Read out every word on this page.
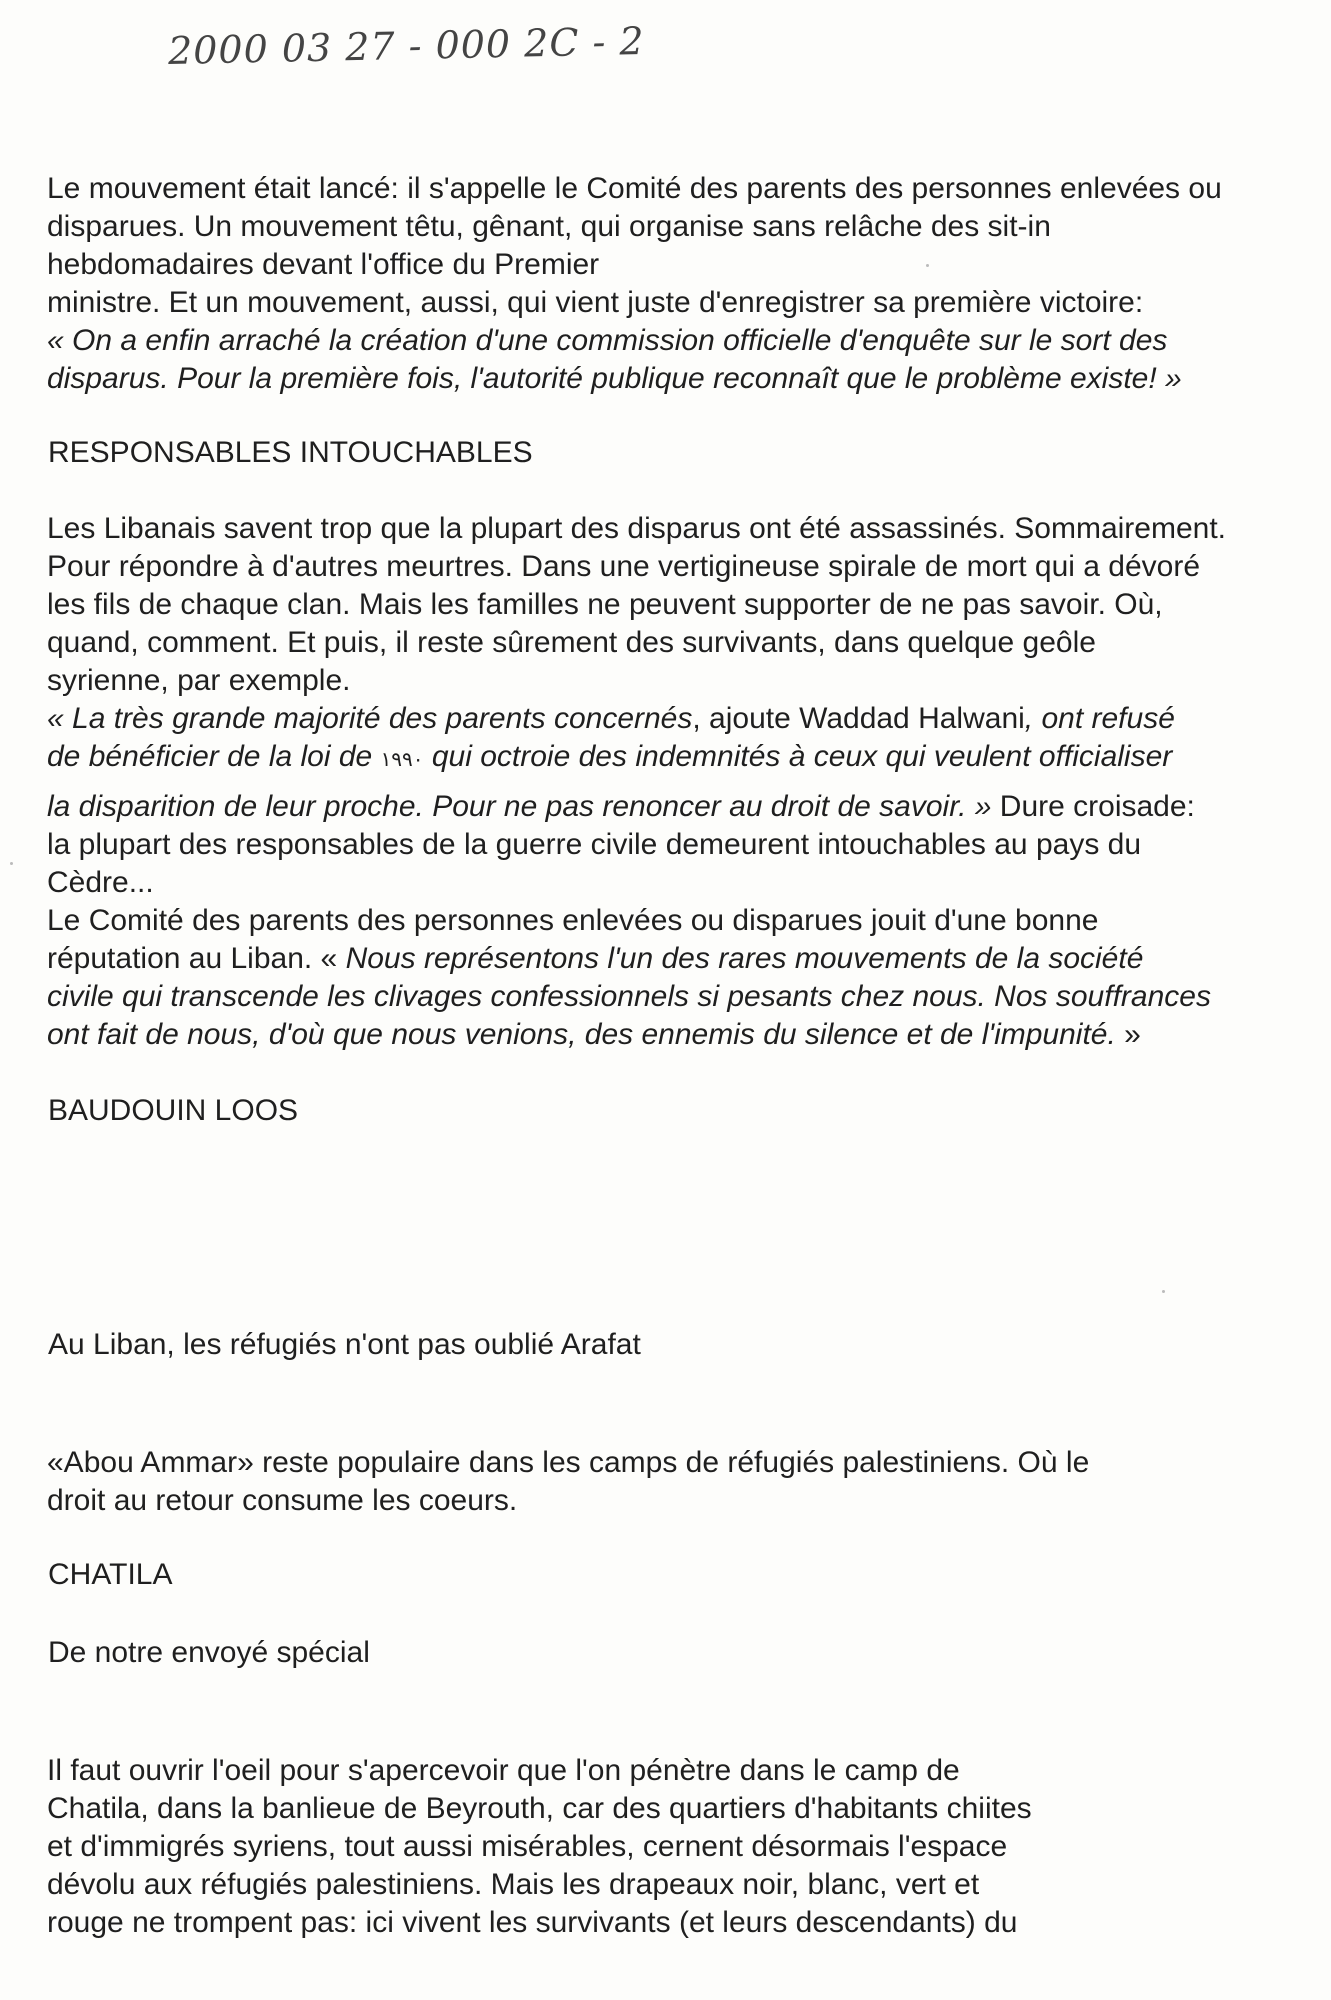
2000 03 27 - 000 2C - 2
Le mouvement était lancé: il s'appelle le Comité des parents des personnes enlevées ou
disparues. Un mouvement têtu, gênant, qui organise sans relâche des sit-in
hebdomadaires devant l'office du Premier
ministre. Et un mouvement, aussi, qui vient juste d'enregistrer sa première victoire:
« On a enfin arraché la création d'une commission officielle d'enquête sur le sort des
disparus. Pour la première fois, l'autorité publique reconnaît que le problème existe! »
RESPONSABLES INTOUCHABLES
Les Libanais savent trop que la plupart des disparus ont été assassinés. Sommairement.
Pour répondre à d'autres meurtres. Dans une vertigineuse spirale de mort qui a dévoré
les fils de chaque clan. Mais les familles ne peuvent supporter de ne pas savoir. Où,
quand, comment. Et puis, il reste sûrement des survivants, dans quelque geôle
syrienne, par exemple.
« La très grande majorité des parents concernés, ajoute Waddad Halwani, ont refusé
de bénéficier de la loi de ١٩٩٠ qui octroie des indemnités à ceux qui veulent officialiser
la disparition de leur proche. Pour ne pas renoncer au droit de savoir. » Dure croisade:
la plupart des responsables de la guerre civile demeurent intouchables au pays du
Cèdre...
Le Comité des parents des personnes enlevées ou disparues jouit d'une bonne
réputation au Liban. « Nous représentons l'un des rares mouvements de la société
civile qui transcende les clivages confessionnels si pesants chez nous. Nos souffrances
ont fait de nous, d'où que nous venions, des ennemis du silence et de l'impunité. »
BAUDOUIN LOOS
Au Liban, les réfugiés n'ont pas oublié Arafat
«Abou Ammar» reste populaire dans les camps de réfugiés palestiniens. Où le
droit au retour consume les coeurs.
CHATILA
De notre envoyé spécial
Il faut ouvrir l'oeil pour s'apercevoir que l'on pénètre dans le camp de
Chatila, dans la banlieue de Beyrouth, car des quartiers d'habitants chiites
et d'immigrés syriens, tout aussi misérables, cernent désormais l'espace
dévolu aux réfugiés palestiniens. Mais les drapeaux noir, blanc, vert et
rouge ne trompent pas: ici vivent les survivants (et leurs descendants) du
